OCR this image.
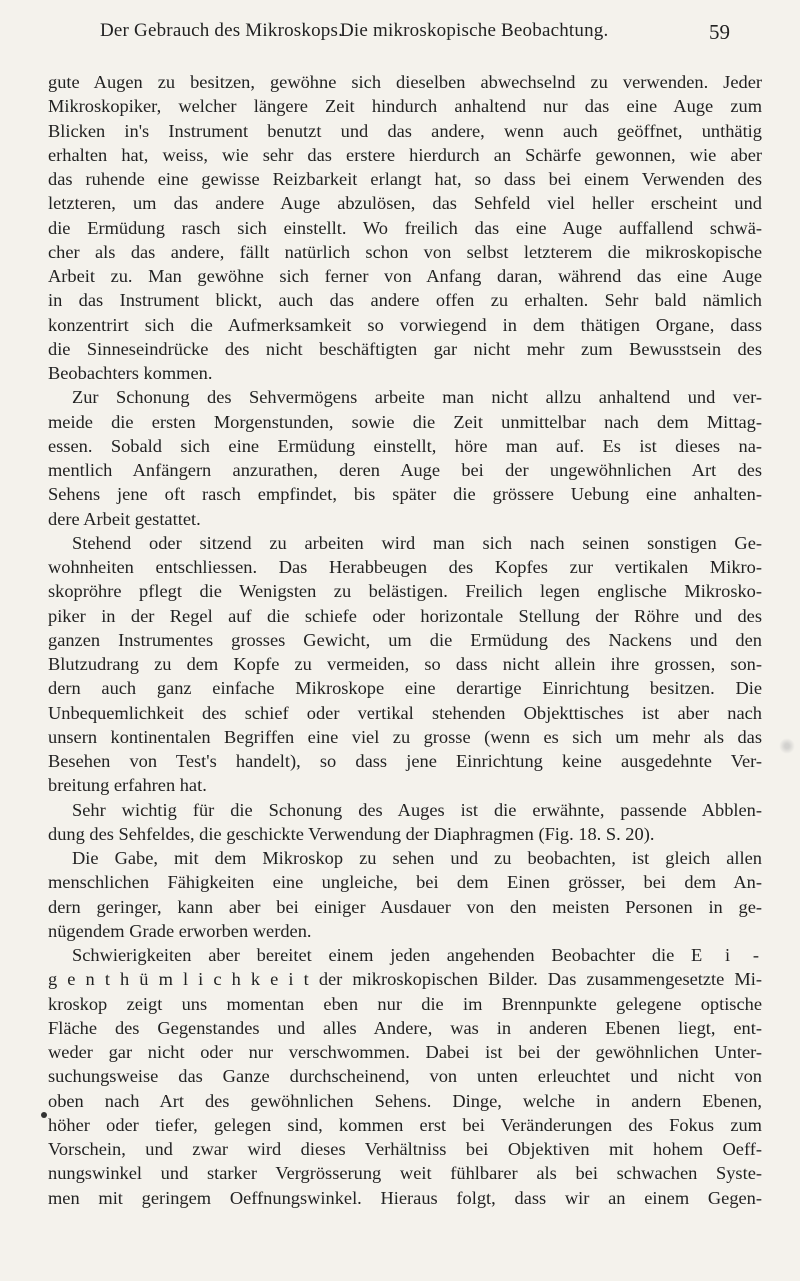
Der Gebrauch des Mikroskops.
Die mikroskopische Beobachtung.	59
gute Augen zu besitzen, gewöhne sich dieselben abwechselnd zu verwenden. Jeder
Mikroskopiker, welcher längere Zeit hindurch anhaltend nur das eine Auge zum
Blicken in's Instrument benutzt und das andere, wenn auch geöffnet, unthätig
erhalten hat, weiss, wie sehr das erstere hierdurch an Schärfe gewonnen, wie aber
das ruhende eine gewisse Reizbarkeit erlangt hat, so dass bei einem Verwenden des
letzteren, um das andere Auge abzulösen, das Sehfeld viel heller erscheint und
die Ermüdung rasch sich einstellt. Wo freilich das eine Auge auffallend schwä-
cher als das andere, fällt natürlich schon von selbst letzterem die mikroskopische
Arbeit zu. Man gewöhne sich ferner von Anfang daran, während das eine Auge
in das Instrument blickt, auch das andere offen zu erhalten. Sehr bald nämlich
konzentrirt sich die Aufmerksamkeit so vorwiegend in dem thätigen Organe, dass
die Sinneseindrücke des nicht beschäftigten gar nicht mehr zum Bewusstsein des
Beobachters kommen.
Zur Schonung des Sehvermögens arbeite man nicht allzu anhaltend und ver-
meide die ersten Morgenstunden, sowie die Zeit unmittelbar nach dem Mittag-
essen. Sobald sich eine Ermüdung einstellt, höre man auf. Es ist dieses na-
mentlich Anfängern anzurathen, deren Auge bei der ungewöhnlichen Art des
Sehens jene oft rasch empfindet, bis später die grössere Uebung eine anhalten-
dere Arbeit gestattet.
Stehend oder sitzend zu arbeiten wird man sich nach seinen sonstigen Ge-
wohnheiten entschliessen. Das Herabbeugen des Kopfes zur vertikalen Mikro-
skopröhre pflegt die Wenigsten zu belästigen. Freilich legen englische Mikrosko-
piker in der Regel auf die schiefe oder horizontale Stellung der Röhre und des
ganzen Instrumentes grosses Gewicht, um die Ermüdung des Nackens und den
Blutzudrang zu dem Kopfe zu vermeiden, so dass nicht allein ihre grossen, son-
dern auch ganz einfache Mikroskope eine derartige Einrichtung besitzen. Die
Unbequemlichkeit des schief oder vertikal stehenden Objekttisches ist aber nach
unsern kontinentalen Begriffen eine viel zu grosse (wenn es sich um mehr als das
Besehen von Test's handelt), so dass jene Einrichtung keine ausgedehnte Ver-
breitung erfahren hat.
Sehr wichtig für die Schonung des Auges ist die erwähnte, passende Abblen-
dung des Sehfeldes, die geschickte Verwendung der Diaphragmen (Fig. 18. S. 20).
Die Gabe, mit dem Mikroskop zu sehen und zu beobachten, ist gleich allen
menschlichen Fähigkeiten eine ungleiche, bei dem Einen grösser, bei dem An-
dern geringer, kann aber bei einiger Ausdauer von den meisten Personen in ge-
nügendem Grade erworben werden.
Schwierigkeiten aber bereitet einem jeden angehenden Beobachter die E i -
g e n t h ü m l i c h k e i t der mikroskopischen Bilder. Das zusammengesetzte Mi-
kroskop zeigt uns momentan eben nur die im Brennpunkte gelegene optische
Fläche des Gegenstandes und alles Andere, was in anderen Ebenen liegt, ent-
weder gar nicht oder nur verschwommen. Dabei ist bei der gewöhnlichen Unter-
suchungsweise das Ganze durchscheinend, von unten erleuchtet und nicht von
oben nach Art des gewöhnlichen Sehens. Dinge, welche in andern Ebenen,
höher oder tiefer, gelegen sind, kommen erst bei Veränderungen des Fokus zum
Vorschein, und zwar wird dieses Verhältniss bei Objektiven mit hohem Oeff-
nungswinkel und starker Vergrösserung weit fühlbarer als bei schwachen Syste-
men mit geringem Oeffnungswinkel. Hieraus folgt, dass wir an einem Gegen-
